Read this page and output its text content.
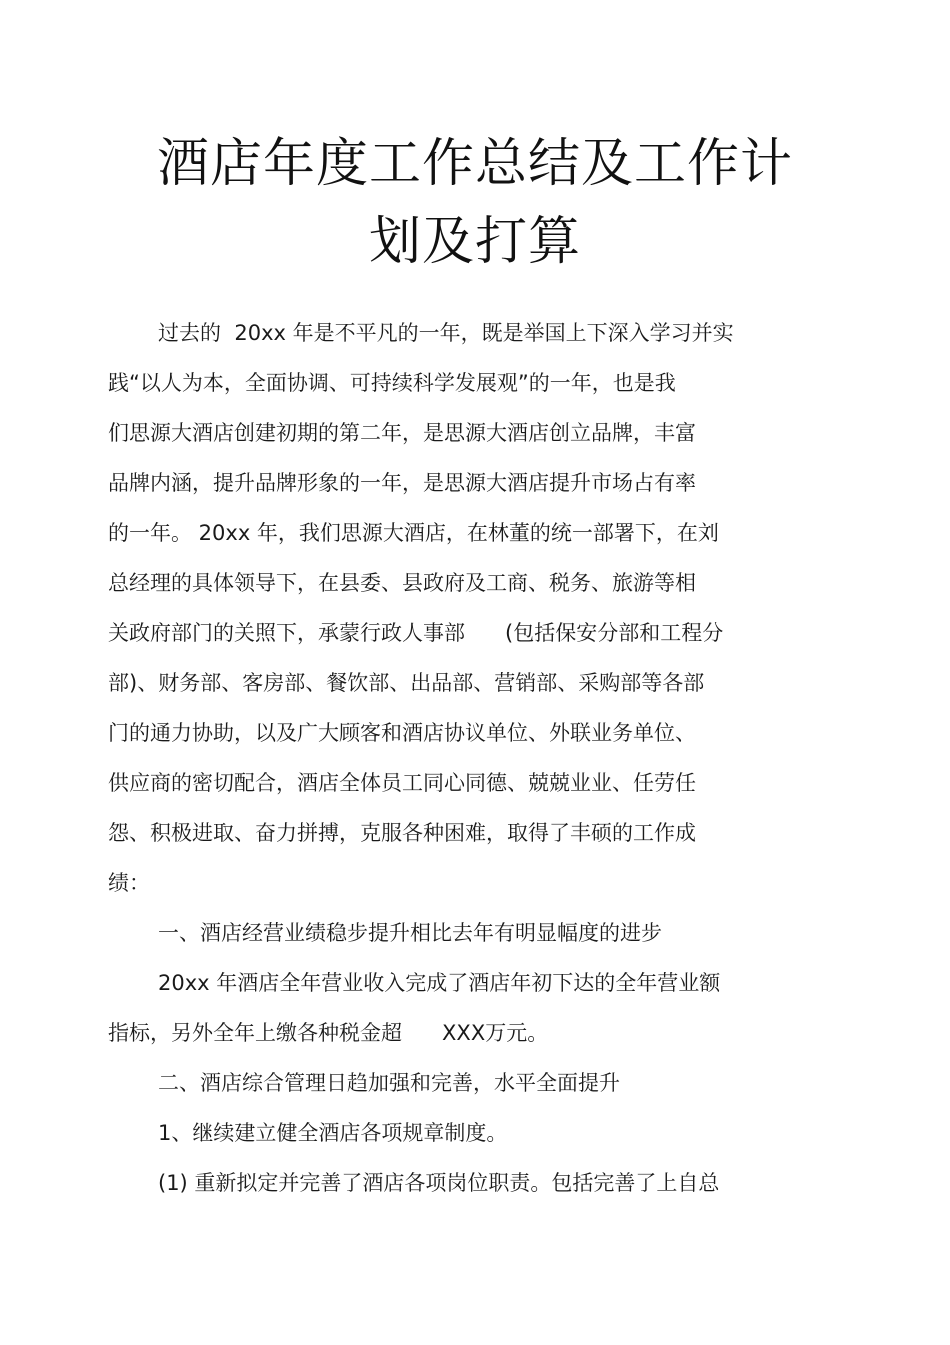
酒店年度工作总结及工作计
划及打算
过去的  20xx 年是不平凡的一年，既是举国上下深入学习并实
践“以人为本，全面协调、可持续科学发展观”的一年，也是我
们思源大酒店创建初期的第二年，是思源大酒店创立品牌，丰富
品牌内涵，提升品牌形象的一年，是思源大酒店提升市场占有率
的一年。 20xx 年，我们思源大酒店，在林董的统一部署下，在刘
总经理的具体领导下，在县委、县政府及工商、税务、旅游等相
关政府部门的关照下，承蒙行政人事部      (包括保安分部和工程分
部)、财务部、客房部、餐饮部、出品部、营销部、采购部等各部
门的通力协助，以及广大顾客和酒店协议单位、外联业务单位、
供应商的密切配合，酒店全体员工同心同德、兢兢业业、任劳任
怨、积极进取、奋力拼搏，克服各种困难，取得了丰硕的工作成
绩：
一、酒店经营业绩稳步提升相比去年有明显幅度的进步
20xx 年酒店全年营业收入完成了酒店年初下达的全年营业额
指标，另外全年上缴各种税金超      XXX万元。
二、酒店综合管理日趋加强和完善，水平全面提升
1、继续建立健全酒店各项规章制度。
(1) 重新拟定并完善了酒店各项岗位职责。包括完善了上自总
